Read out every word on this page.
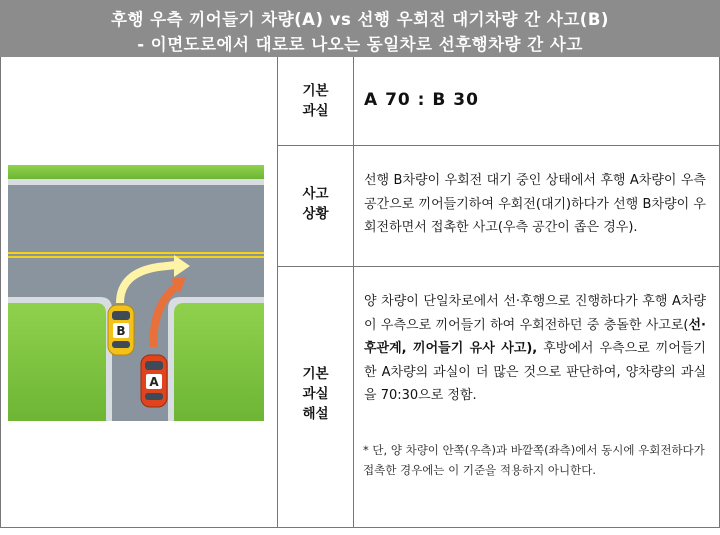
후행 우측 끼어들기 차량(A) vs 선행 우회전 대기차량 간 사고(B)
- 이면도로에서 대로로 나오는 동일차로 선후행차량 간 사고
기본
과실
A 70 : B 30
사고
상황
선행 B차량이 우회전 대기 중인 상태에서 후행 A차량이 우측 공간으로 끼어들기하여 우회전(대기)하다가 선행 B차량이 우회전하면서 접촉한 사고(우측 공간이 좁은 경우).
기본
과실
해설
양 차량이 단일차로에서 선·후행으로 진행하다가 후행 A차량이 우측으로 끼어들기 하여 우회전하던 중 충돌한 사고로(선·후관계, 끼어들기 유사 사고), 후방에서 우측으로 끼어들기한 A차량의 과실이 더 많은 것으로 판단하여, 양차량의 과실을 70:30으로 정함.
* 단, 양 차량이 안쪽(우측)과 바깥쪽(좌측)에서 동시에 우회전하다가 접촉한 경우에는 이 기준을 적용하지 아니한다.
B
A
